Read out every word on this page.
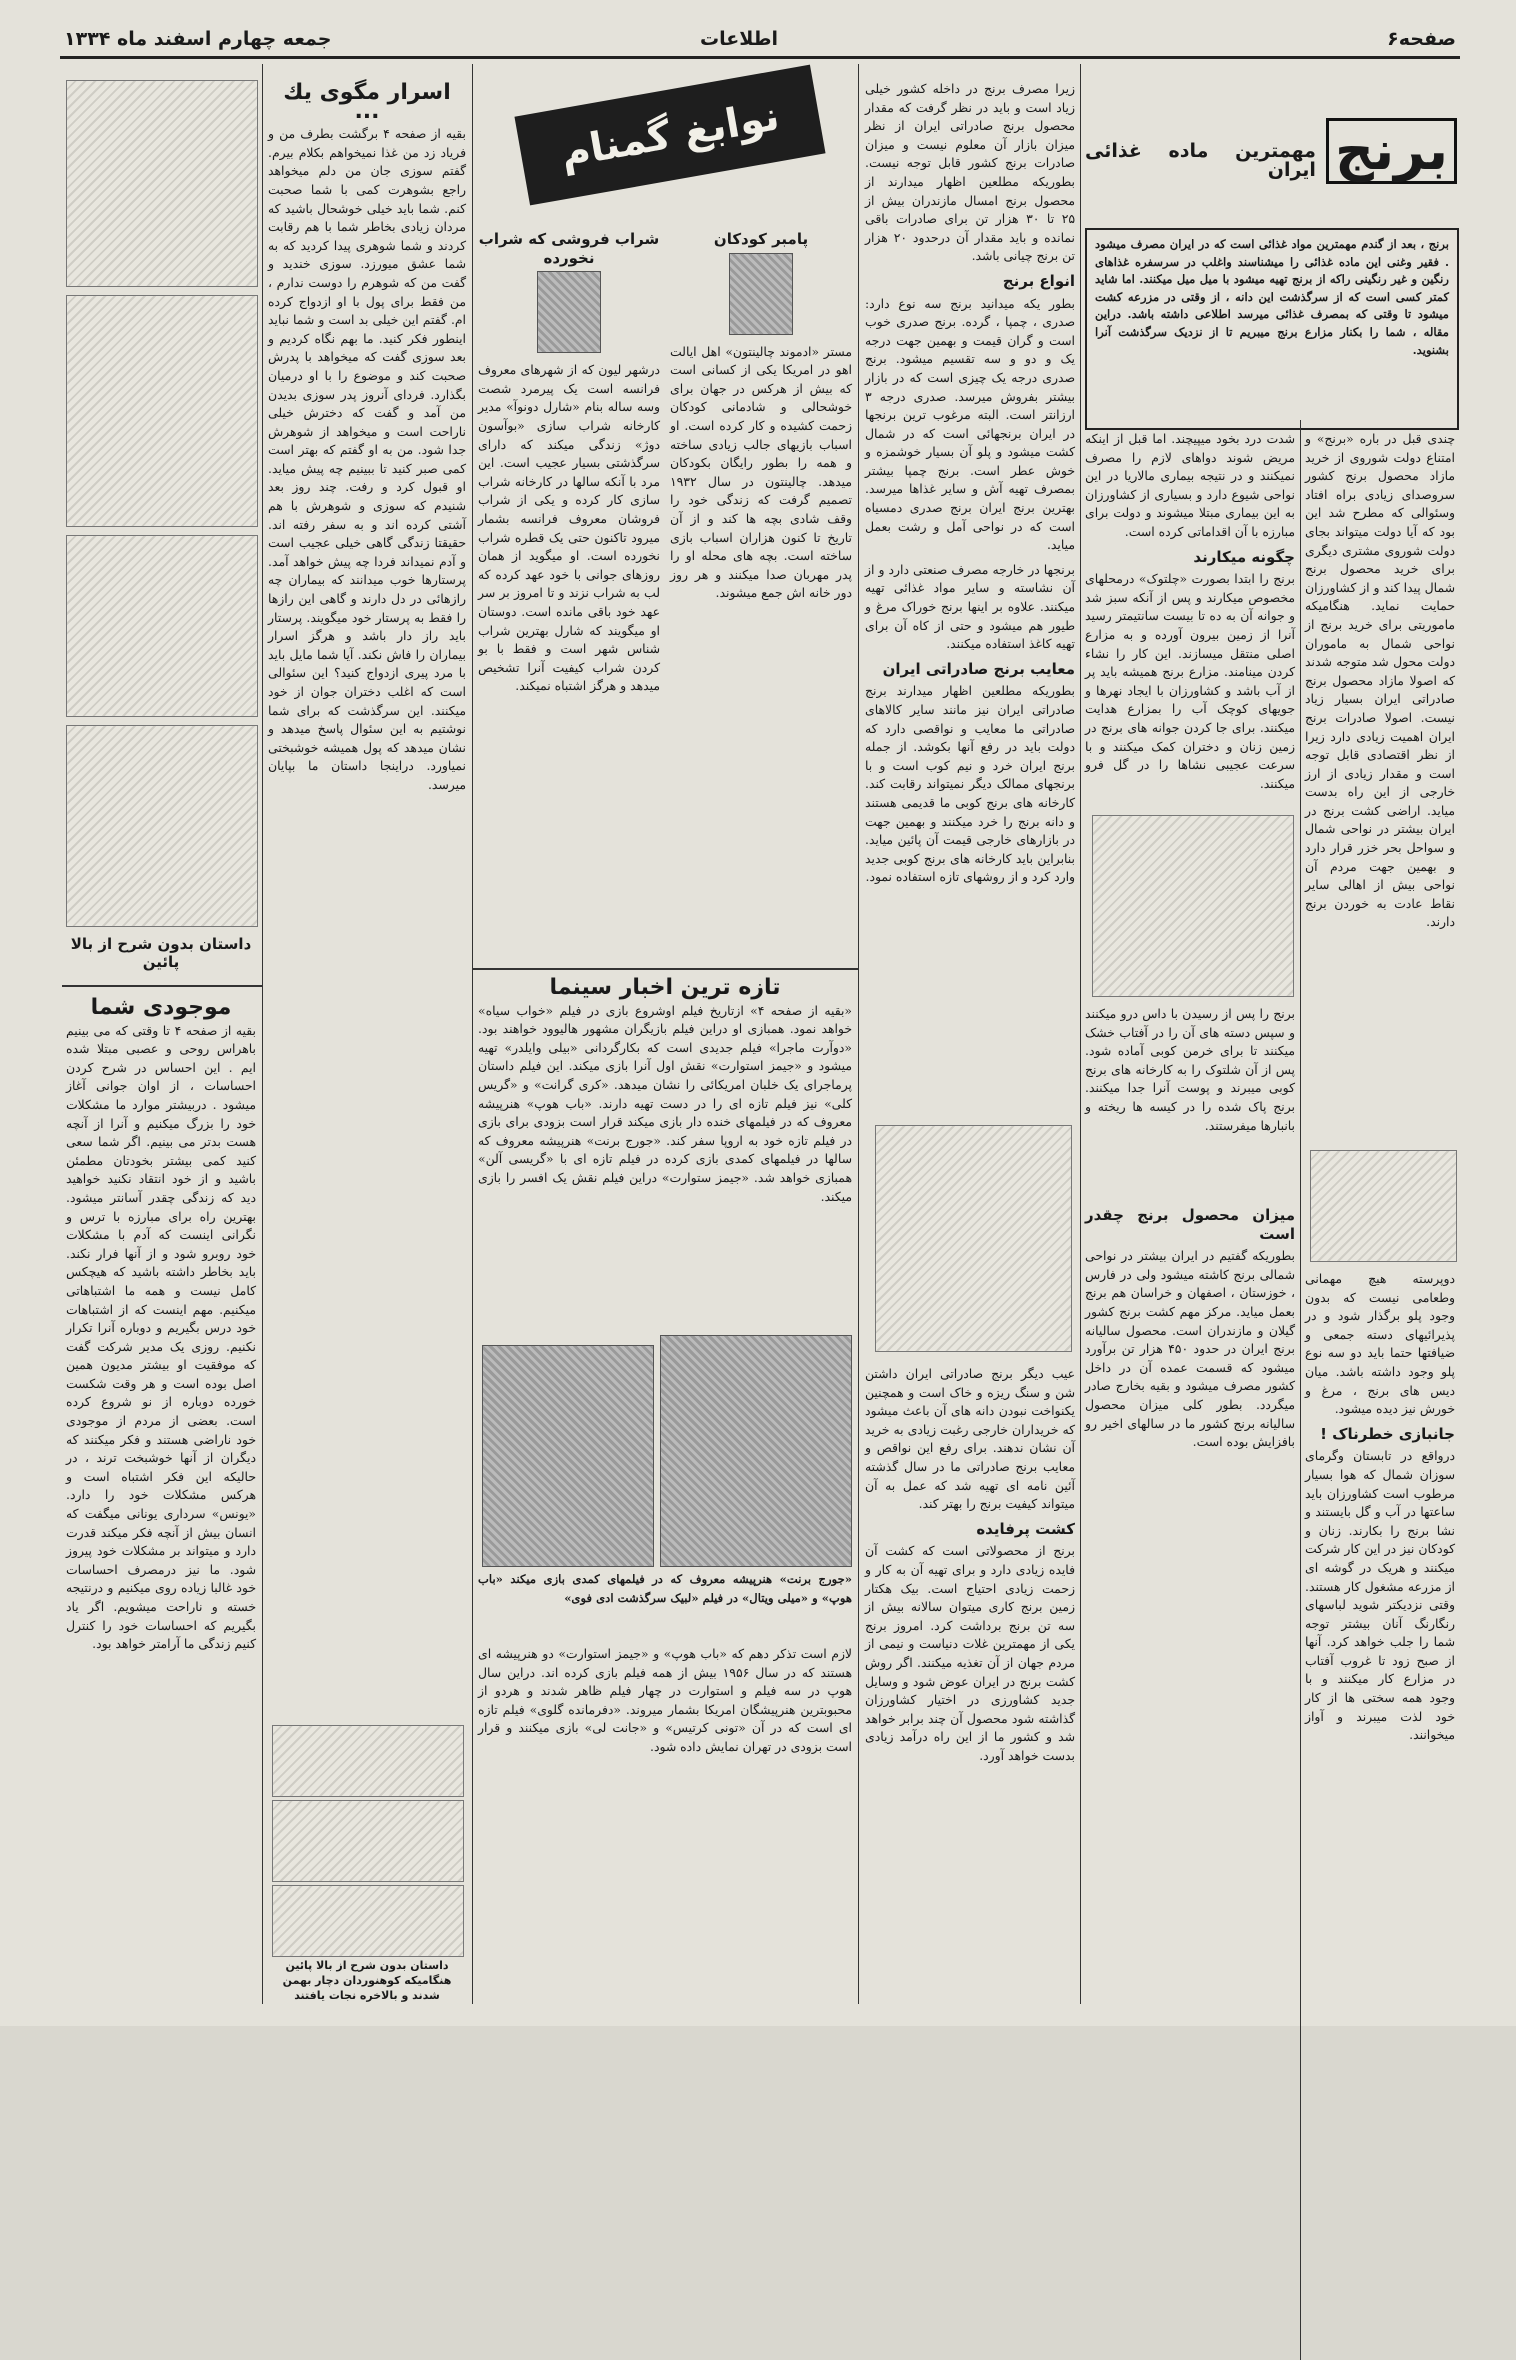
صفحه۶
اطلاعات
جمعه چهارم اسفند ماه ۱۳۳۴
برنج
مهمترین ماده غذائی ایران
برنج ، بعد از گندم مهمترین مواد غذائی است که در ایران مصرف میشود . فقیر وغنی این ماده غذائی را میشناسند واغلب در سرسفره غذاهای رنگین و غیر رنگینی راکه از برنج تهیه میشود با میل میل میکنند. اما شاید کمتر کسی است که از سرگذشت این دانه ، از وقتی در مزرعه کشت میشود تا وقتی که بمصرف غذائی میرسد اطلاعی داشته باشد. دراین مقاله ، شما را بکنار مزارع برنج میبریم تا از نزدیک سرگذشت آنرا بشنوید.

چندی قبل در باره «برنج» و امتناع دولت شوروی از خرید مازاد محصول برنج کشور سروصدای زیادی براه افتاد وسئوالی که مطرح شد این بود که آیا دولت میتواند بجای دولت شوروی مشتری دیگری برای خرید محصول برنج شمال پیدا کند و از کشاورزان حمایت نماید. هنگامیکه ماموریتی برای خرید برنج از نواحی شمال به ماموران دولت محول شد متوجه شدند که اصولا مازاد محصول برنج صادراتی ایران بسیار زیاد نیست. اصولا صادرات برنج ایران اهمیت زیادی دارد زیرا از نظر اقتصادی قابل توجه است و مقدار زیادی از ارز خارجی از این راه بدست میاید. اراضی کشت برنج در ایران بیشتر در نواحی شمال و سواحل بحر خزر قرار دارد و بهمین جهت مردم آن نواحی بیش از اهالی سایر نقاط عادت به خوردن برنج دارند.

شدت درد بخود میپیچند. اما قبل از اینکه مریض شوند دواهای لازم را مصرف نمیکنند و در نتیجه بیماری مالاریا در این نواحی شیوع دارد و بسیاری از کشاورزان به این بیماری مبتلا میشوند و دولت برای مبارزه با آن اقداماتی کرده است.

چگونه میکارند

برنج را ابتدا بصورت «چلتوک» درمحلهای مخصوص میکارند و پس از آنکه سبز شد و جوانه آن به ده تا بیست سانتیمتر رسید آنرا از زمین بیرون آورده و به مزارع اصلی منتقل میسازند. این کار را نشاء کردن مینامند. مزارع برنج همیشه باید پر از آب باشد و کشاورزان با ایجاد نهرها و جویهای کوچک آب را بمزارع هدایت میکنند. برای جا کردن جوانه های برنج در زمین زنان و دختران کمک میکنند و با سرعت عجیبی نشاها را در گل فرو میکنند.

برنج را پس از رسیدن با داس درو میکنند و سپس دسته های آن را در آفتاب خشک میکنند تا برای خرمن کوبی آماده شود. پس از آن شلتوک را به کارخانه های برنج کوبی میبرند و پوست آنرا جدا میکنند. برنج پاک شده را در کیسه ها ریخته و بانبارها میفرستند.

دوپرسته هیچ مهمانی وطعامی نیست که بدون وجود پلو برگذار شود و در پذیرائیهای دسته جمعی و ضیافتها حتما باید دو سه نوع پلو وجود داشته باشد. میان دیس های برنج ، مرغ و خورش نیز دیده میشود.

جانبازی خطرناک !

درواقع در تابستان وگرمای سوزان شمال که هوا بسیار مرطوب است کشاورزان باید ساعتها در آب و گل بایستند و نشا برنج را بکارند. زنان و کودکان نیز در این کار شرکت میکنند و هریک در گوشه ای از مزرعه مشغول کار هستند. وقتی نزدیکتر شوید لباسهای رنگارنگ آنان بیشتر توجه شما را جلب خواهد کرد. آنها از صبح زود تا غروب آفتاب در مزارع کار میکنند و با وجود همه سختی ها از کار خود لذت میبرند و آواز میخوانند.

میزان محصول برنج چقدر است

بطوریکه گفتیم در ایران بیشتر در نواحی شمالی برنج کاشته میشود ولی در فارس ، خوزستان ، اصفهان و خراسان هم برنج بعمل میاید. مرکز مهم کشت برنج کشور گیلان و مازندران است. محصول سالیانه برنج ایران در حدود ۴۵۰ هزار تن برآورد میشود که قسمت عمده آن در داخل کشور مصرف میشود و بقیه بخارج صادر میگردد. بطور کلی میزان محصول سالیانه برنج کشور ما در سالهای اخیر رو بافزایش بوده است.

زیرا مصرف برنج در داخله کشور خیلی زیاد است و باید در نظر گرفت که مقدار محصول برنج صادراتی ایران از نظر میزان بازار آن معلوم نیست و میزان صادرات برنج کشور قابل توجه نیست. بطوریکه مطلعین اظهار میدارند از محصول برنج امسال مازندران بیش از ۲۵ تا ۳۰ هزار تن برای صادرات باقی نمانده و باید مقدار آن درحدود ۲۰ هزار تن برنج چیانی باشد.

انواع برنج

بطور یکه میدانید برنج سه نوع دارد: صدری ، چمپا ، گرده. برنج صدری خوب است و گران قیمت و بهمین جهت درجه یک و دو و سه تقسیم میشود. برنج صدری درجه یک چیزی است که در بازار بیشتر بفروش میرسد. صدری درجه ۳ ارزانتر است. البته مرغوب ترین برنجها در ایران برنجهائی است که در شمال کشت میشود و پلو آن بسیار خوشمزه و خوش عطر است. برنج چمپا بیشتر بمصرف تهیه آش و سایر غذاها میرسد. بهترین برنج ایران برنج صدری دمسیاه است که در نواحی آمل و رشت بعمل میاید.

برنجها در خارجه مصرف صنعتی دارد و از آن نشاسته و سایر مواد غذائی تهیه میکنند. علاوه بر اینها برنج خوراک مرغ و طیور هم میشود و حتی از کاه آن برای تهیه کاغذ استفاده میکنند.

معایب برنج صادراتی ایران

بطوریکه مطلعین اظهار میدارند برنج صادراتی ایران نیز مانند سایر کالاهای صادراتی ما معایب و نواقصی دارد که دولت باید در رفع آنها بکوشد. از جمله برنج ایران خرد و نیم کوب است و با برنجهای ممالک دیگر نمیتواند رقابت کند. کارخانه های برنج کوبی ما قدیمی هستند و دانه برنج را خرد میکنند و بهمین جهت در بازارهای خارجی قیمت آن پائین میاید. بنابراین باید کارخانه های برنج کوبی جدید وارد کرد و از روشهای تازه استفاده نمود.

عیب دیگر برنج صادراتی ایران داشتن شن و سنگ ریزه و خاک است و همچنین یکنواخت نبودن دانه های آن باعث میشود که خریداران خارجی رغبت زیادی به خرید آن نشان ندهند. برای رفع این نواقص و معایب برنج صادراتی ما در سال گذشته آئین نامه ای تهیه شد که عمل به آن میتواند کیفیت برنج را بهتر کند.

کشت پرفایده

برنج از محصولاتی است که کشت آن فایده زیادی دارد و برای تهیه آن به کار و زحمت زیادی احتیاج است. بیک هکتار زمین برنج کاری میتوان سالانه بیش از سه تن برنج برداشت کرد. امروز برنج یکی از مهمترین غلات دنیاست و نیمی از مردم جهان از آن تغذیه میکنند. اگر روش کشت برنج در ایران عوض شود و وسایل جدید کشاورزی در اختیار کشاورزان گذاشته شود محصول آن چند برابر خواهد شد و کشور ما از این راه درآمد زیادی بدست خواهد آورد.

نوابغ گمنام
پامبر کودکان

مستر «ادموند چالینتون» اهل ایالت اهو در امریکا یکی از کسانی است که بیش از هرکس در جهان برای خوشحالی و شادمانی کودکان زحمت کشیده و کار کرده است. او اسباب بازیهای جالب زیادی ساخته و همه را بطور رایگان بکودکان میدهد. چالینتون در سال ۱۹۳۲ تصمیم گرفت که زندگی خود را وقف شادی بچه ها کند و از آن تاریخ تا کنون هزاران اسباب بازی ساخته است. بچه های محله او را پدر مهربان صدا میکنند و هر روز دور خانه اش جمع میشوند.

شراب فروشی که شراب نخورده

درشهر لیون که از شهرهای معروف فرانسه است یک پیرمرد شصت وسه ساله بنام «شارل دونوآ» مدیر کارخانه شراب سازی «بوآسون دوژ» زندگی میکند که دارای سرگذشتی بسیار عجیب است. این مرد با آنکه سالها در کارخانه شراب سازی کار کرده و یکی از شراب فروشان معروف فرانسه بشمار میرود تاکنون حتی یک قطره شراب نخورده است. او میگوید از همان روزهای جوانی با خود عهد کرده که لب به شراب نزند و تا امروز بر سر عهد خود باقی مانده است. دوستان او میگویند که شارل بهترین شراب شناس شهر است و فقط با بو کردن شراب کیفیت آنرا تشخیص میدهد و هرگز اشتباه نمیکند.

تازه ترین اخبار سینما

«بقیه از صفحه ۴» ازتاریخ فیلم اوشروع بازی در فیلم «خواب سیاه» خواهد نمود. همبازی او دراین فیلم بازیگران مشهور هالیوود خواهند بود. «دوآرت ماجرا» فیلم جدیدی است که بکارگردانی «بیلی وایلدر» تهیه میشود و «جیمز استوارت» نقش اول آنرا بازی میکند. این فیلم داستان پرماجرای یک خلبان امریکائی را نشان میدهد. «کری گرانت» و «گریس کلی» نیز فیلم تازه ای را در دست تهیه دارند. «باب هوپ» هنرپیشه معروف که در فیلمهای خنده دار بازی میکند قرار است بزودی برای بازی در فیلم تازه خود به اروپا سفر کند. «جورج برنت» هنرپیشه معروف که سالها در فیلمهای کمدی بازی کرده در فیلم تازه ای با «گریسی آلن» همبازی خواهد شد. «جیمز ستوارت» دراین فیلم نقش یک افسر را بازی میکند.

«جورج برنت» هنرپیشه معروف که در فیلمهای کمدی بازی میکند «باب هوپ» و «میلی ویتال» در فیلم «لبیک سرگذشت ادی فوی»

لازم است تذکر دهم که «باب هوپ» و «جیمز استوارت» دو هنرپیشه ای هستند که در سال ۱۹۵۶ بیش از همه فیلم بازی کرده اند. دراین سال هوپ در سه فیلم و استوارت در چهار فیلم ظاهر شدند و هردو از محبوبترین هنرپیشگان امریکا بشمار میروند. «دفرمانده گلوی» فیلم تازه ای است که در آن «تونی کرتیس» و «جانت لی» بازی میکنند و قرار است بزودی در تهران نمایش داده شود.

اسرار مگوی یك ...

بقیه از صفحه ۴ برگشت بطرف من و فریاد زد من غذا نمیخواهم بکلام بیرم. گفتم سوزی جان من دلم میخواهد راجع بشوهرت کمی با شما صحبت کنم. شما باید خیلی خوشحال باشید که مردان زیادی بخاطر شما با هم رقابت کردند و شما شوهری پیدا کردید که به شما عشق میورزد. سوزی خندید و گفت من که شوهرم را دوست ندارم ، من فقط برای پول با او ازدواج کرده ام. گفتم این خیلی بد است و شما نباید اینطور فکر کنید. ما بهم نگاه کردیم و بعد سوزی گفت که میخواهد با پدرش صحبت کند و موضوع را با او درمیان بگذارد. فردای آنروز پدر سوزی بدیدن من آمد و گفت که دخترش خیلی ناراحت است و میخواهد از شوهرش جدا شود. من به او گفتم که بهتر است کمی صبر کنید تا ببینیم چه پیش میاید. او قبول کرد و رفت. چند روز بعد شنیدم که سوزی و شوهرش با هم آشتی کرده اند و به سفر رفته اند. حقیقتا زندگی گاهی خیلی عجیب است و آدم نمیداند فردا چه پیش خواهد آمد. پرستارها خوب میدانند که بیماران چه رازهائی در دل دارند و گاهی این رازها را فقط به پرستار خود میگویند. پرستار باید راز دار باشد و هرگز اسرار بیماران را فاش نکند. آیا شما مایل باید با مرد پیری ازدواج کنید؟ این سئوالی است که اغلب دختران جوان از خود میکنند. این سرگذشت که برای شما نوشتیم به این سئوال پاسخ میدهد و نشان میدهد که پول همیشه خوشبختی نمیاورد. دراینجا داستان ما بپایان میرسد.

داستان بدون شرح از بالا پائین
موجودی شما

بقیه از صفحه ۴ تا وقتی که می بینیم باهراس روحی و عصبی مبتلا شده ایم . این احساس در شرح کردن احساسات ، از اوان جوانی آغاز میشود . دربیشتر موارد ما مشکلات خود را بزرگ میکنیم و آنرا از آنچه هست بدتر می بینیم. اگر شما سعی کنید کمی بیشتر بخودتان مطمئن باشید و از خود انتقاد نکنید خواهید دید که زندگی چقدر آسانتر میشود. بهترین راه برای مبارزه با ترس و نگرانی اینست که آدم با مشکلات خود روبرو شود و از آنها فرار نکند. باید بخاطر داشته باشید که هیچکس کامل نیست و همه ما اشتباهاتی میکنیم. مهم اینست که از اشتباهات خود درس بگیریم و دوباره آنرا تکرار نکنیم. روزی یک مدیر شرکت گفت که موفقیت او بیشتر مدیون همین اصل بوده است و هر وقت شکست خورده دوباره از نو شروع کرده است. بعضی از مردم از موجودی خود ناراضی هستند و فکر میکنند که دیگران از آنها خوشبخت ترند ، در حالیکه این فکر اشتباه است و هرکس مشکلات خود را دارد. «یونس» سرداری یونانی میگفت که انسان بیش از آنچه فکر میکند قدرت دارد و میتواند بر مشکلات خود پیروز شود. ما نیز درمصرف احساسات خود غالبا زیاده روی میکنیم و درنتیجه خسته و ناراحت میشویم. اگر یاد بگیریم که احساسات خود را کنترل کنیم زندگی ما آرامتر خواهد بود.

داستان بدون شرح از بالا پائین هنگامیکه کوهنوردان دچار بهمن شدند و بالاخره نجات یافتند
